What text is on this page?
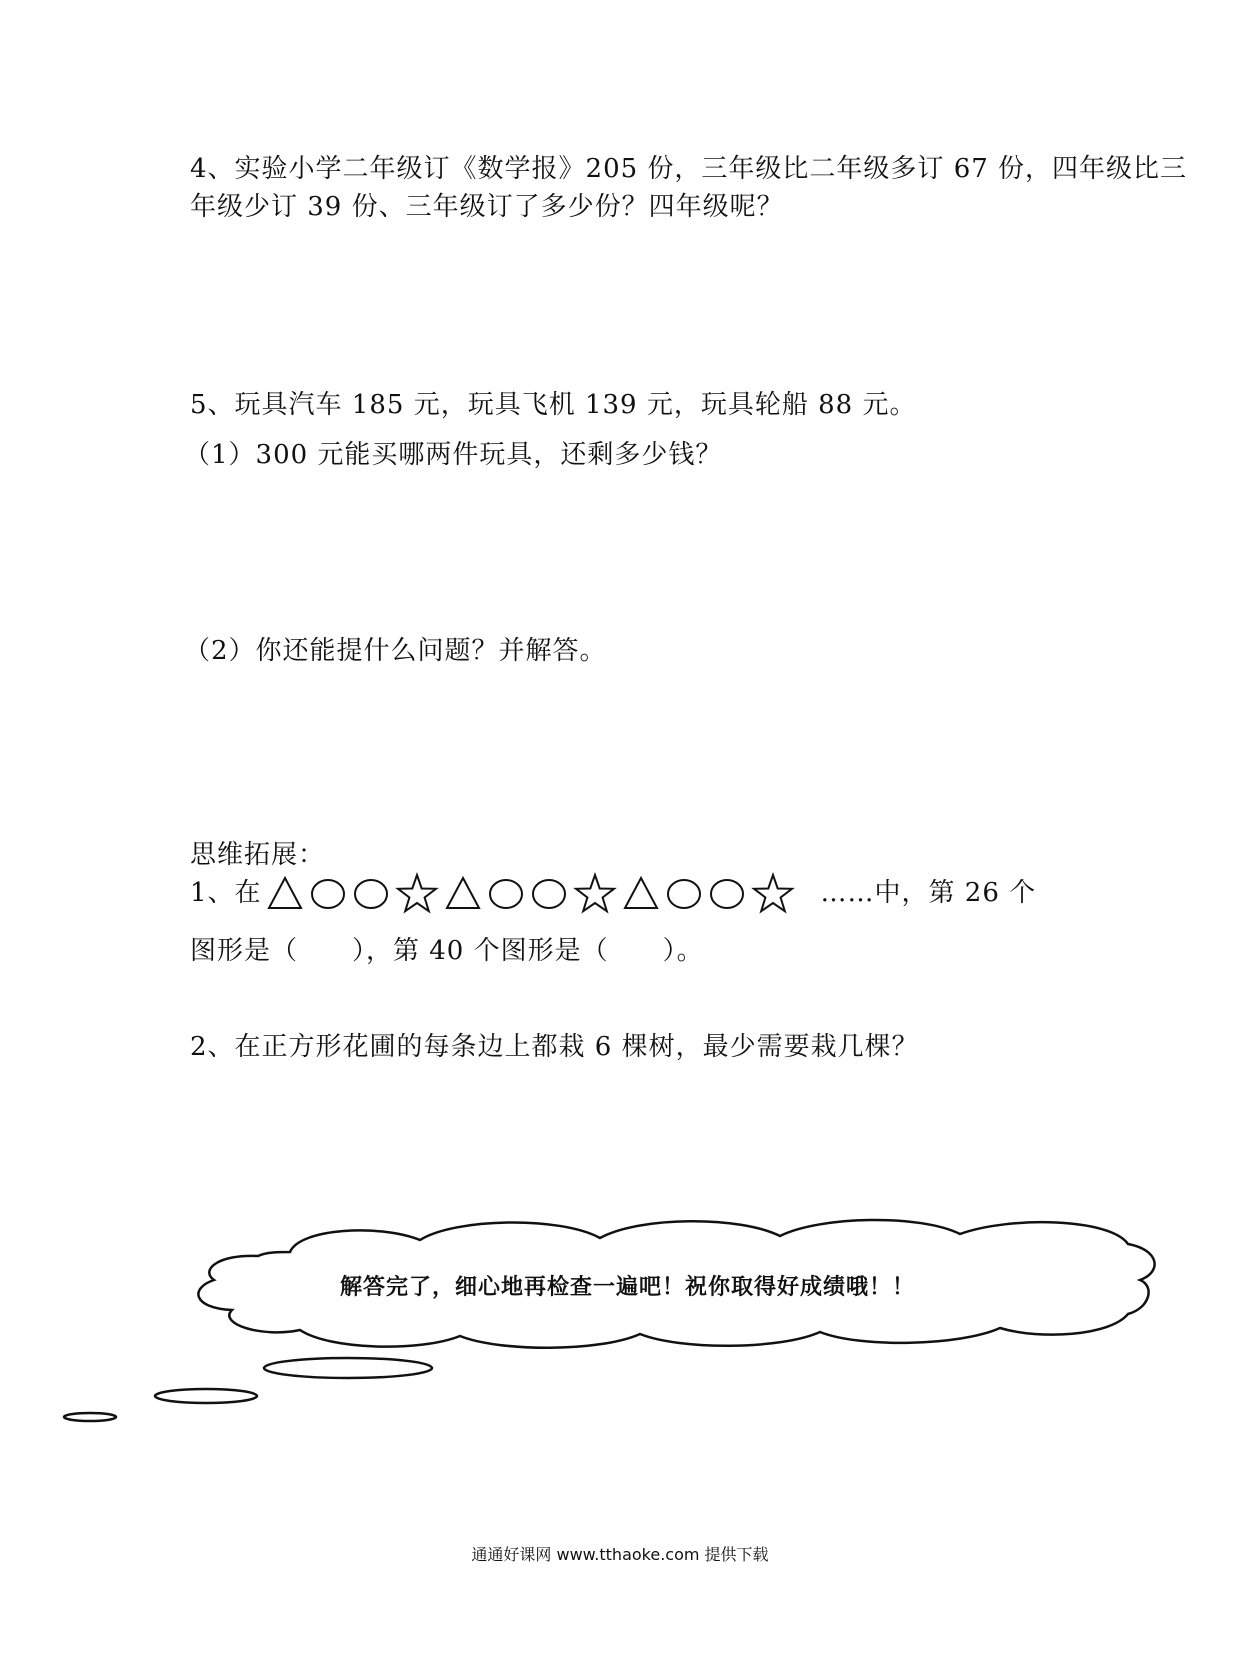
4、实验小学二年级订《数学报》205 份，三年级比二年级多订 67 份，四年级比三
年级少订 39 份、三年级订了多少份？四年级呢？
5、玩具汽车 185 元，玩具飞机 139 元，玩具轮船 88 元。
（1）300 元能买哪两件玩具，还剩多少钱？
（2）你还能提什么问题？并解答。
思维拓展：
1、在	……中，第 26 个
图形是（　　），第 40 个图形是（　　）。
2、在正方形花圃的每条边上都栽 6 棵树，最少需要栽几棵？
解答完了，细心地再检查一遍吧！祝你取得好成绩哦！！
通通好课网 www.tthaoke.com 提供下载
